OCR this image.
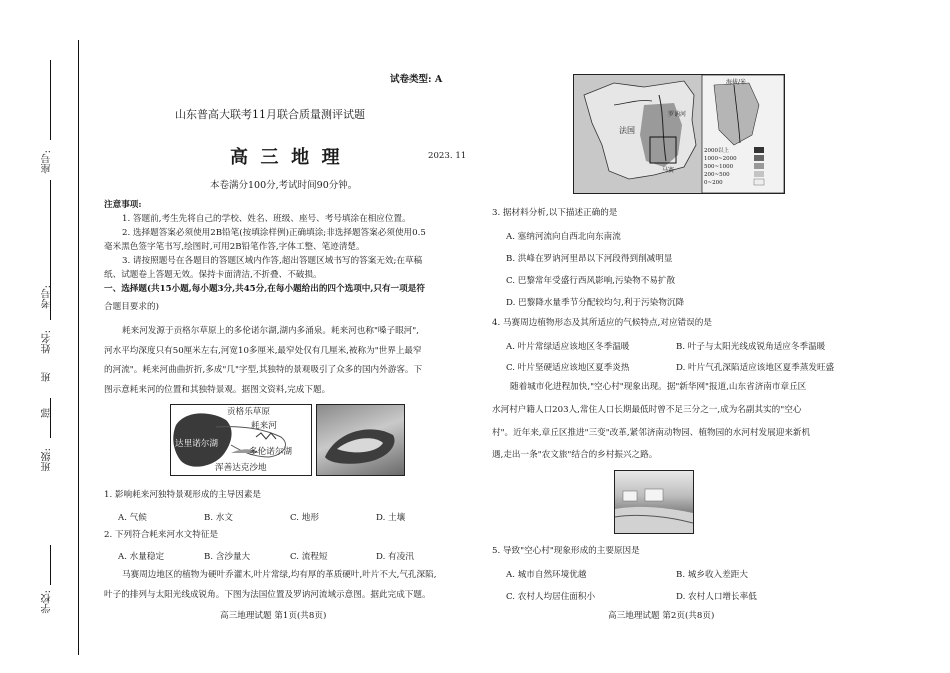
学校:
班级:
部
班
姓名:
考号:
座号:
试卷类型: A
山东普高大联考11月联合质量测评试题
高  三  地  理	2023. 11
本卷满分100分,考试时间90分钟。
注意事项:
1. 答题前,考生先将自己的学校、姓名、班级、座号、考号填涂在相应位置。
2. 选择题答案必须使用2B铅笔(按填涂样例)正确填涂;非选择题答案必须使用0.5
毫米黑色签字笔书写,绘图时,可用2B铅笔作答,字体工整、笔迹清楚。
3. 请按照题号在各题目的答题区域内作答,超出答题区域书写的答案无效;在草稿
纸、试题卷上答题无效。保持卡面清洁,不折叠、不破损。
一、选择题(共15小题,每小题3分,共45分,在每小题给出的四个选项中,只有一项是符
合题目要求的)
耗来河发源于贡格尔草原上的多伦诺尔湖,湖内多涌泉。耗来河也称"嗓子眼河",
河水平均深度只有50厘米左右,河宽10多厘米,最窄处仅有几厘米,被称为"世界上最窄
的河流"。耗来河曲曲折折,多成"几"字型,其独特的景观吸引了众多的国内外游客。下
图示意耗来河的位置和其独特景观。据图文资料,完成下题。
贡格乐草原
耗来河
达里诺尔湖
多伦诺尔湖
浑善达克沙地
1. 影响耗来河独特景观形成的主导因素是
A. 气候	B. 水文	C. 地形	D. 土壤
2. 下列符合耗来河水文特征是
A. 水量稳定	B. 含沙量大	C. 流程短	D. 有凌汛
马赛周边地区的植物为硬叶乔灌木,叶片常绿,均有厚的革质硬叶,叶片不大,气孔深陷,
叶子的排列与太阳光线成锐角。下图为法国位置及罗讷河流域示意图。据此完成下题。
高三地理试题 第1页(共8页)
海拔/米
2000以上
1000~2000
500~1000
200~500
0~200
法国
罗讷河
马赛
3. 据材料分析,以下描述正确的是
A. 塞纳河流向自西北向东南流
B. 洪峰在罗讷河里昂以下河段得到削减明显
C. 巴黎常年受盛行西风影响,污染物不易扩散
D. 巴黎降水量季节分配较均匀,利于污染物沉降
4. 马赛周边植物形态及其所适应的气候特点,对应错误的是
A. 叶片常绿适应该地区冬季温暖	B. 叶子与太阳光线成锐角适应冬季温暖
C. 叶片坚硬适应该地区夏季炎热	D. 叶片气孔深陷适应该地区夏季蒸发旺盛
随着城市化进程加快,"空心村"现象出现。据"新华网"报道,山东省济南市章丘区
水河村户籍人口203人,常住人口长期最低时曾不足三分之一,成为名副其实的"空心
村"。近年来,章丘区推进"三变"改革,紧邻济南动物园、植物园的水河村发展迎来新机
遇,走出一条"农文旅"结合的乡村振兴之路。
5. 导致"空心村"现象形成的主要原因是
A. 城市自然环境优越	B. 城乡收入差距大
C. 农村人均居住面积小	D. 农村人口增长率低
高三地理试题 第2页(共8页)
